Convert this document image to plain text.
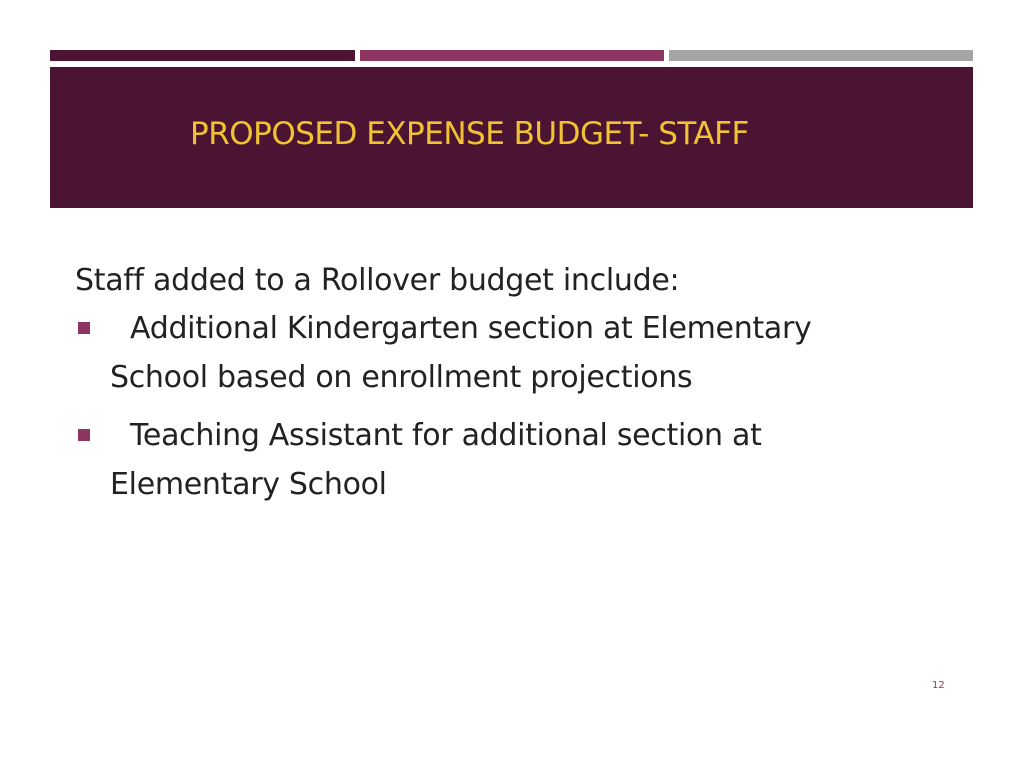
PROPOSED EXPENSE BUDGET- STAFF
Staff added to a Rollover budget include:
Additional Kindergarten section at Elementary
School based on enrollment projections
Teaching Assistant for additional section at
Elementary School
12
